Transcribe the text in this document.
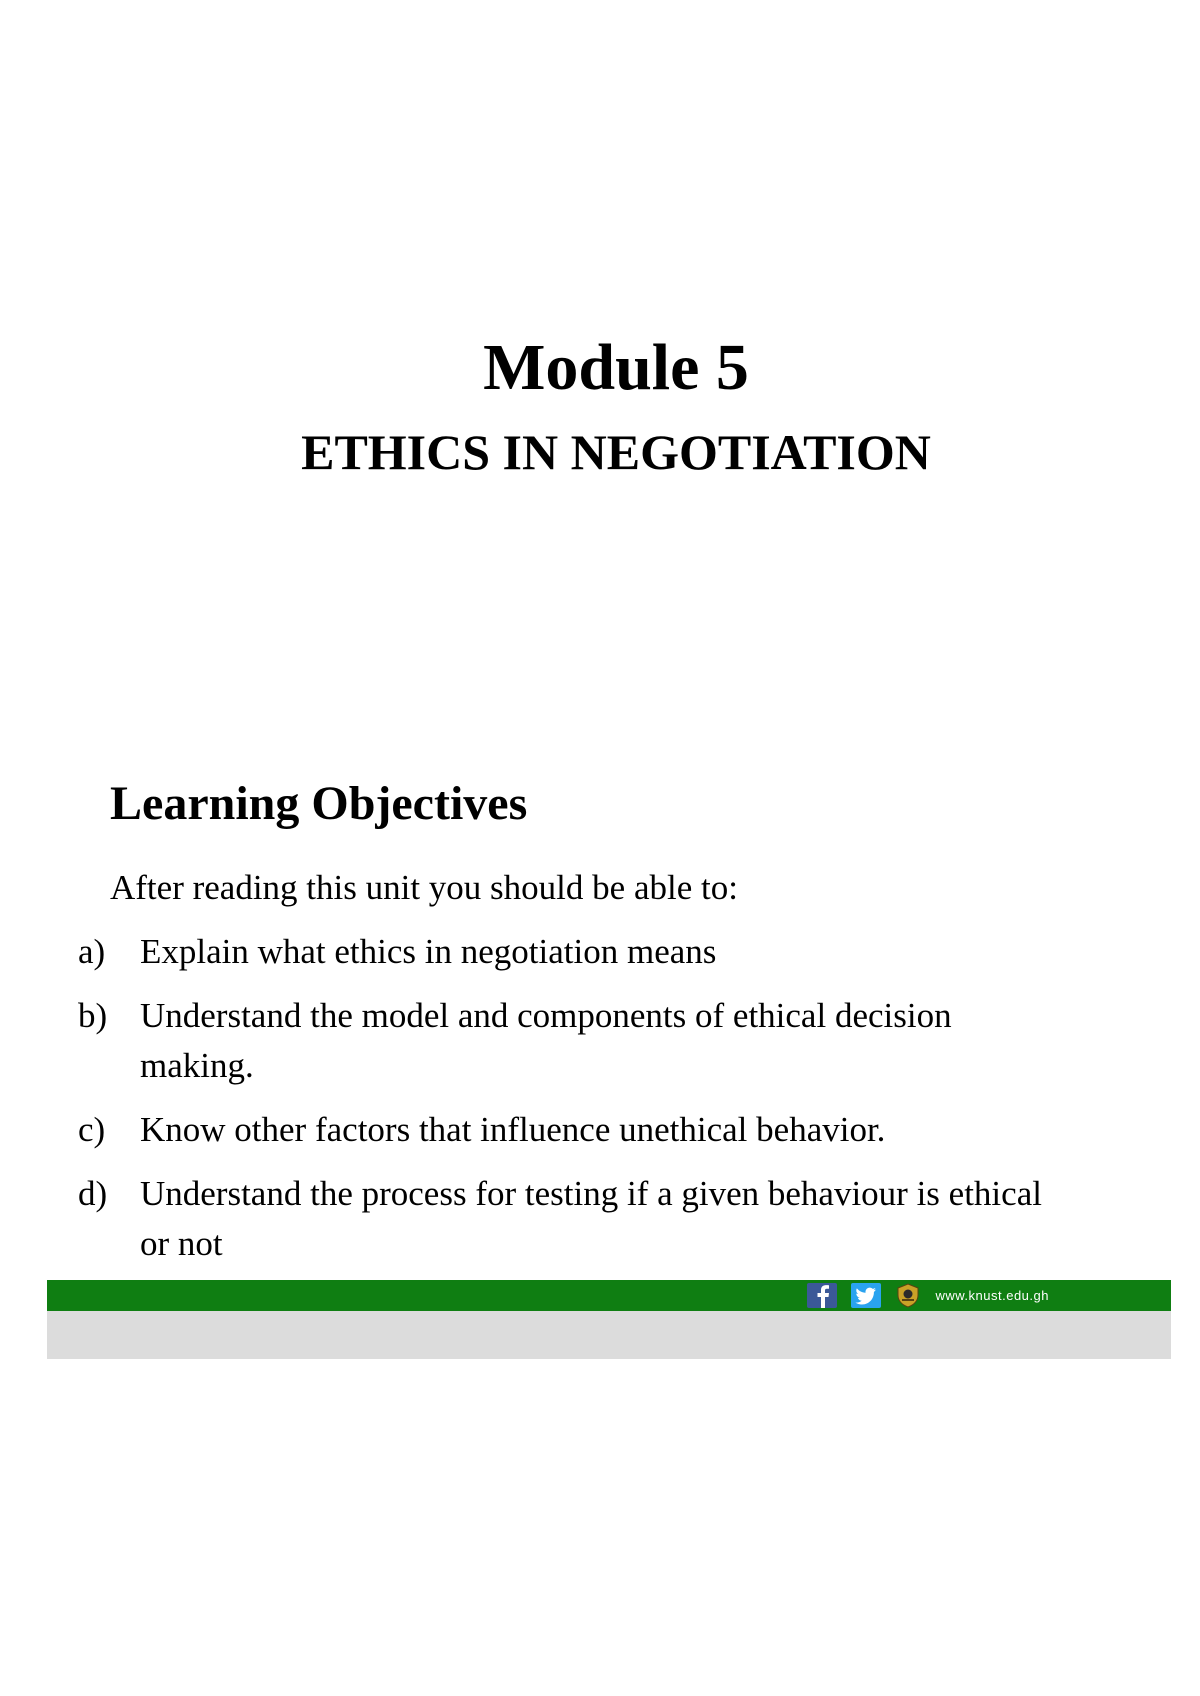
Module 5
ETHICS IN NEGOTIATION
Learning Objectives

After reading this unit you should be able to:

a) Explain what ethics in negotiation means
b) Understand the model and components of ethical decision making.
c) Know other factors that influence unethical behavior.
d) Understand the process for testing if a given behaviour is ethical or not
www.knust.edu.gh
